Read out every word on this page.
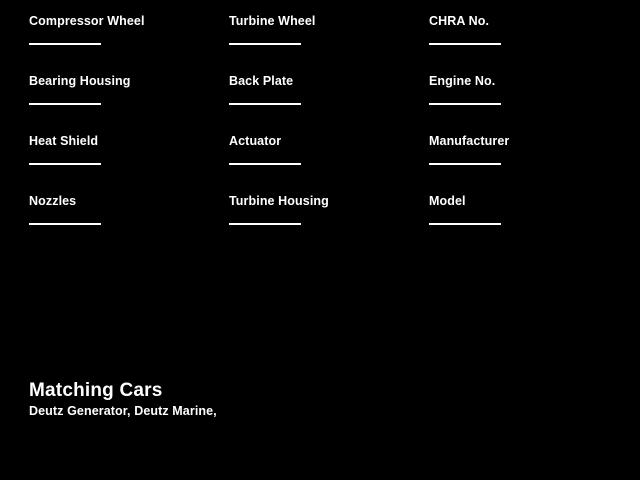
Compressor Wheel	Turbine Wheel	CHRA No.
Bearing Housing	Back Plate	Engine No.
Heat Shield	Actuator	Manufacturer
Nozzles	Turbine Housing	Model
Matching Cars
Deutz Generator, Deutz Marine,
